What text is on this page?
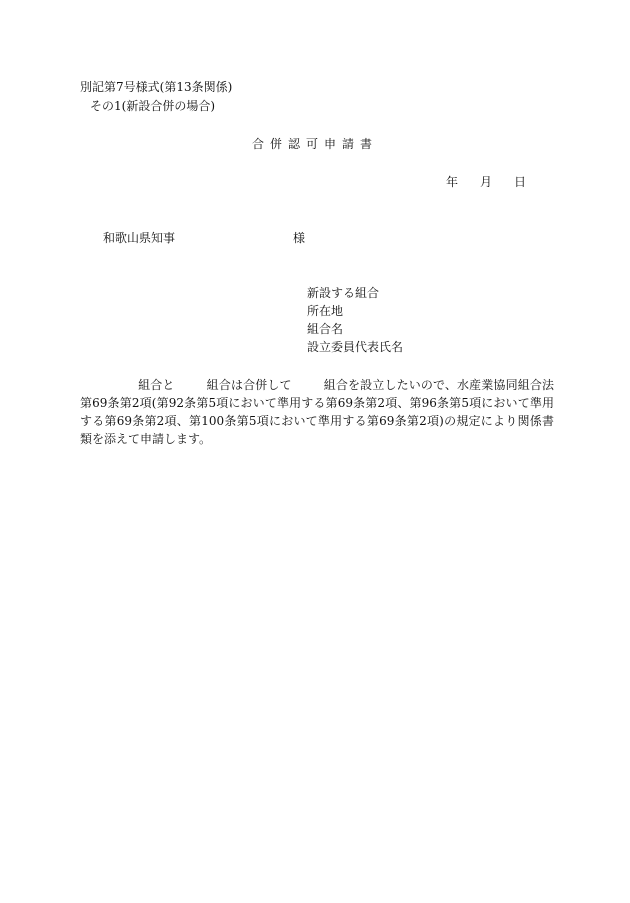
別記第7号様式(第13条関係)
その1(新設合併の場合)
合併認可申請書
年 月 日
和歌山県知事	様
新設する組合
所在地
組合名
設立委員代表氏名
組合と	組合は合併して	組合を設立したいので、水産業協同組合法第69条第2項(第92条第5項において準用する第69条第2項、第96条第5項において準用する第69条第2項、第100条第5項において準用する第69条第2項)の規定により関係書類を添えて申請します。
